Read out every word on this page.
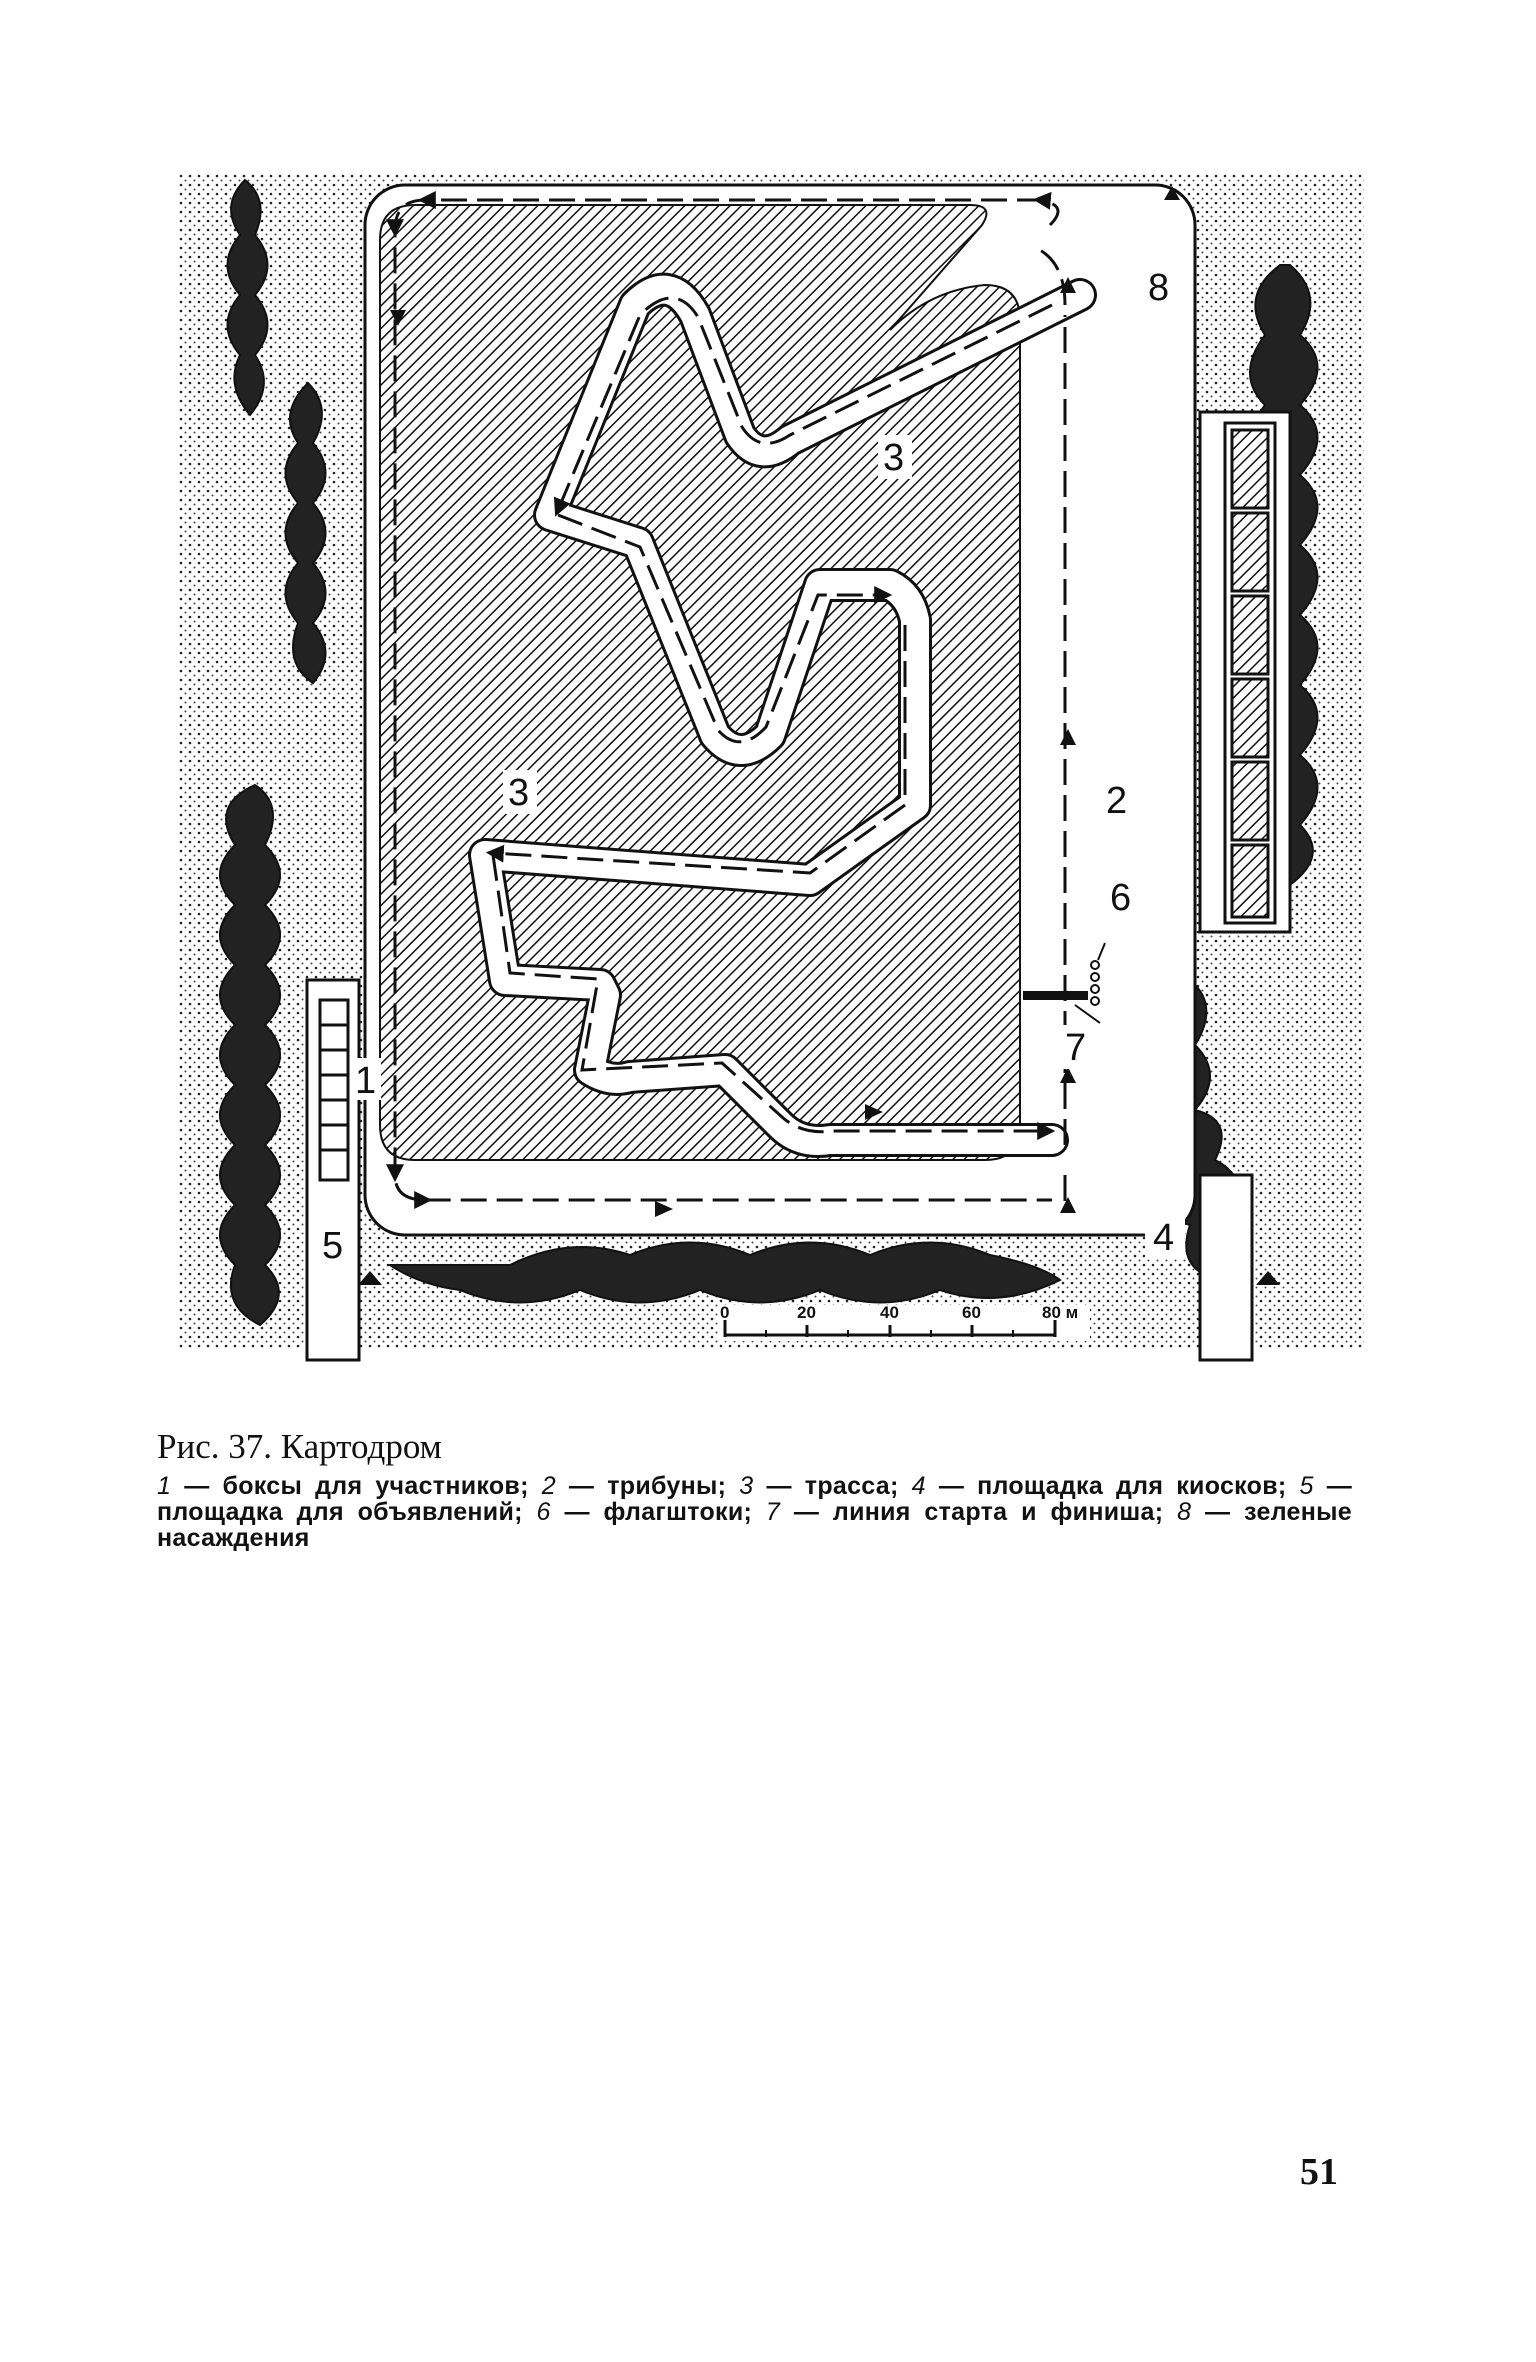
1
2
3
3
4
5
6
7
8
0	20	40	60	80 м
Рис. 37. Картодром
1 — боксы для участников; 2 — трибуны; 3 — трасса; 4 — площадка для киосков; 5 — площадка для объявлений; 6 — флагштоки; 7 — линия старта и финиша; 8 — зеленые насаждения
51
